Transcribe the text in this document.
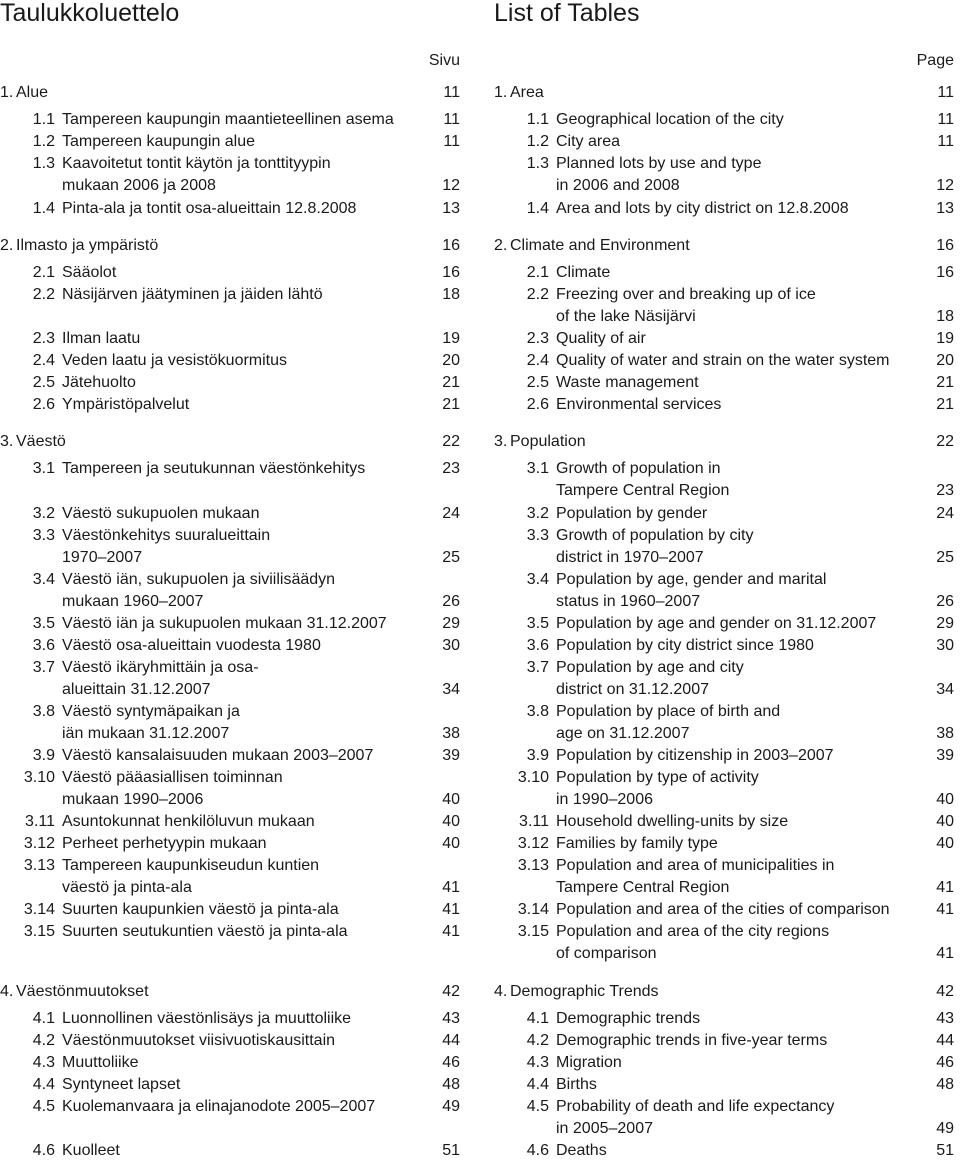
Taulukkoluettelo
Sivu
1. Alue	11
1.1 Tampereen kaupungin maantieteellinen asema	11
1.2 Tampereen kaupungin alue	11
1.3 Kaavoitetut tontit käytön ja tonttityypin
mukaan 2006 ja 2008	12
1.4 Pinta-ala ja tontit osa-alueittain 12.8.2008	13
2. Ilmasto ja ympäristö	16
2.1 Sääolot	16
2.2 Näsijärven jäätyminen ja jäiden lähtö	18
2.3 Ilman laatu	19
2.4 Veden laatu ja vesistökuormitus	20
2.5 Jätehuolto	21
2.6 Ympäristöpalvelut	21
3. Väestö	22
3.1 Tampereen ja seutukunnan väestönkehitys	23
3.2 Väestö sukupuolen mukaan	24
3.3 Väestönkehitys suuralueittain
1970–2007	25
3.4 Väestö iän, sukupuolen ja siviilisäädyn
mukaan 1960–2007	26
3.5 Väestö iän ja sukupuolen mukaan 31.12.2007	29
3.6 Väestö osa-alueittain vuodesta 1980	30
3.7 Väestö ikäryhmittäin ja osa-
alueittain 31.12.2007	34
3.8 Väestö syntymäpaikan ja
iän mukaan 31.12.2007	38
3.9 Väestö kansalaisuuden mukaan 2003–2007	39
3.10 Väestö pääasiallisen toiminnan
mukaan 1990–2006	40
3.11 Asuntokunnat henkilöluvun mukaan	40
3.12 Perheet perhetyypin mukaan	40
3.13 Tampereen kaupunkiseudun kuntien
väestö ja pinta-ala	41
3.14 Suurten kaupunkien väestö ja pinta-ala	41
3.15 Suurten seutukuntien väestö ja pinta-ala	41
4. Väestönmuutokset	42
4.1 Luonnollinen väestönlisäys ja muuttoliike	43
4.2 Väestönmuutokset viisivuotiskausittain	44
4.3 Muuttoliike	46
4.4 Syntyneet lapset	48
4.5 Kuolemanvaara ja elinajanodote 2005–2007	49
4.6 Kuolleet	51
List of Tables
Page
1. Area	11
1.1 Geographical location of the city	11
1.2 City area	11
1.3 Planned lots by use and type
in 2006 and 2008	12
1.4 Area and lots by city district on 12.8.2008	13
2. Climate and Environment	16
2.1 Climate	16
2.2 Freezing over and breaking up of ice
of the lake Näsijärvi	18
2.3 Quality of air	19
2.4 Quality of water and strain on the water system	20
2.5 Waste management	21
2.6 Environmental services	21
3. Population	22
3.1 Growth of population in
Tampere Central Region	23
3.2 Population by gender	24
3.3 Growth of population by city
district in 1970–2007	25
3.4 Population by age, gender and marital
status in 1960–2007	26
3.5 Population by age and gender on 31.12.2007	29
3.6 Population by city district since 1980	30
3.7 Population by age and city
district on 31.12.2007	34
3.8 Population by place of birth and
age on 31.12.2007	38
3.9 Population by citizenship in 2003–2007	39
3.10 Population by type of activity
in 1990–2006	40
3.11 Household dwelling-units by size	40
3.12 Families by family type	40
3.13 Population and area of municipalities in
Tampere Central Region	41
3.14 Population and area of the cities of comparison	41
3.15 Population and area of the city regions
of comparison	41
4. Demographic Trends	42
4.1 Demographic trends	43
4.2 Demographic trends in five-year terms	44
4.3 Migration	46
4.4 Births	48
4.5 Probability of death and life expectancy
in 2005–2007	49
4.6 Deaths	51
